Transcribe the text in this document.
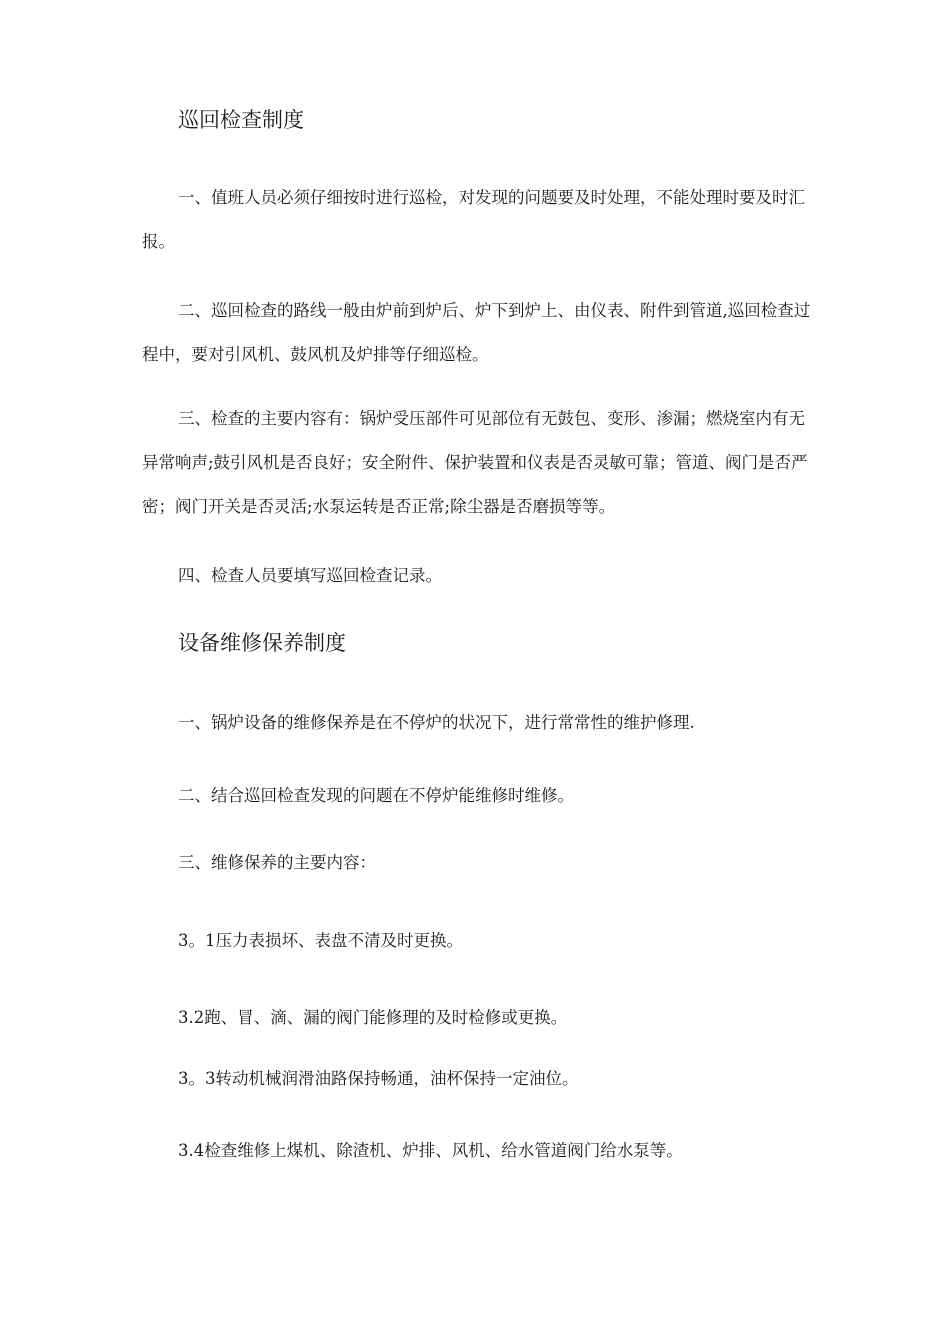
巡回检查制度

一、值班人员必须仔细按时进行巡检，对发现的问题要及时处理，不能处理时要及时汇报。

二、巡回检查的路线一般由炉前到炉后、炉下到炉上、由仪表、附件到管道,巡回检查过程中，要对引风机、鼓风机及炉排等仔细巡检。

三、检查的主要内容有：锅炉受压部件可见部位有无鼓包、变形、渗漏；燃烧室内有无异常响声;鼓引风机是否良好；安全附件、保护装置和仪表是否灵敏可靠；管道、阀门是否严密；阀门开关是否灵活;水泵运转是否正常;除尘器是否磨损等等。

四、检查人员要填写巡回检查记录。

设备维修保养制度

一、锅炉设备的维修保养是在不停炉的状况下，进行常常性的维护修理.

二、结合巡回检查发现的问题在不停炉能维修时维修。

三、维修保养的主要内容：

3。1压力表损坏、表盘不清及时更换。

3.2跑、冒、滴、漏的阀门能修理的及时检修或更换。

3。3转动机械润滑油路保持畅通，油杯保持一定油位。

3.4检查维修上煤机、除渣机、炉排、风机、给水管道阀门给水泵等。
